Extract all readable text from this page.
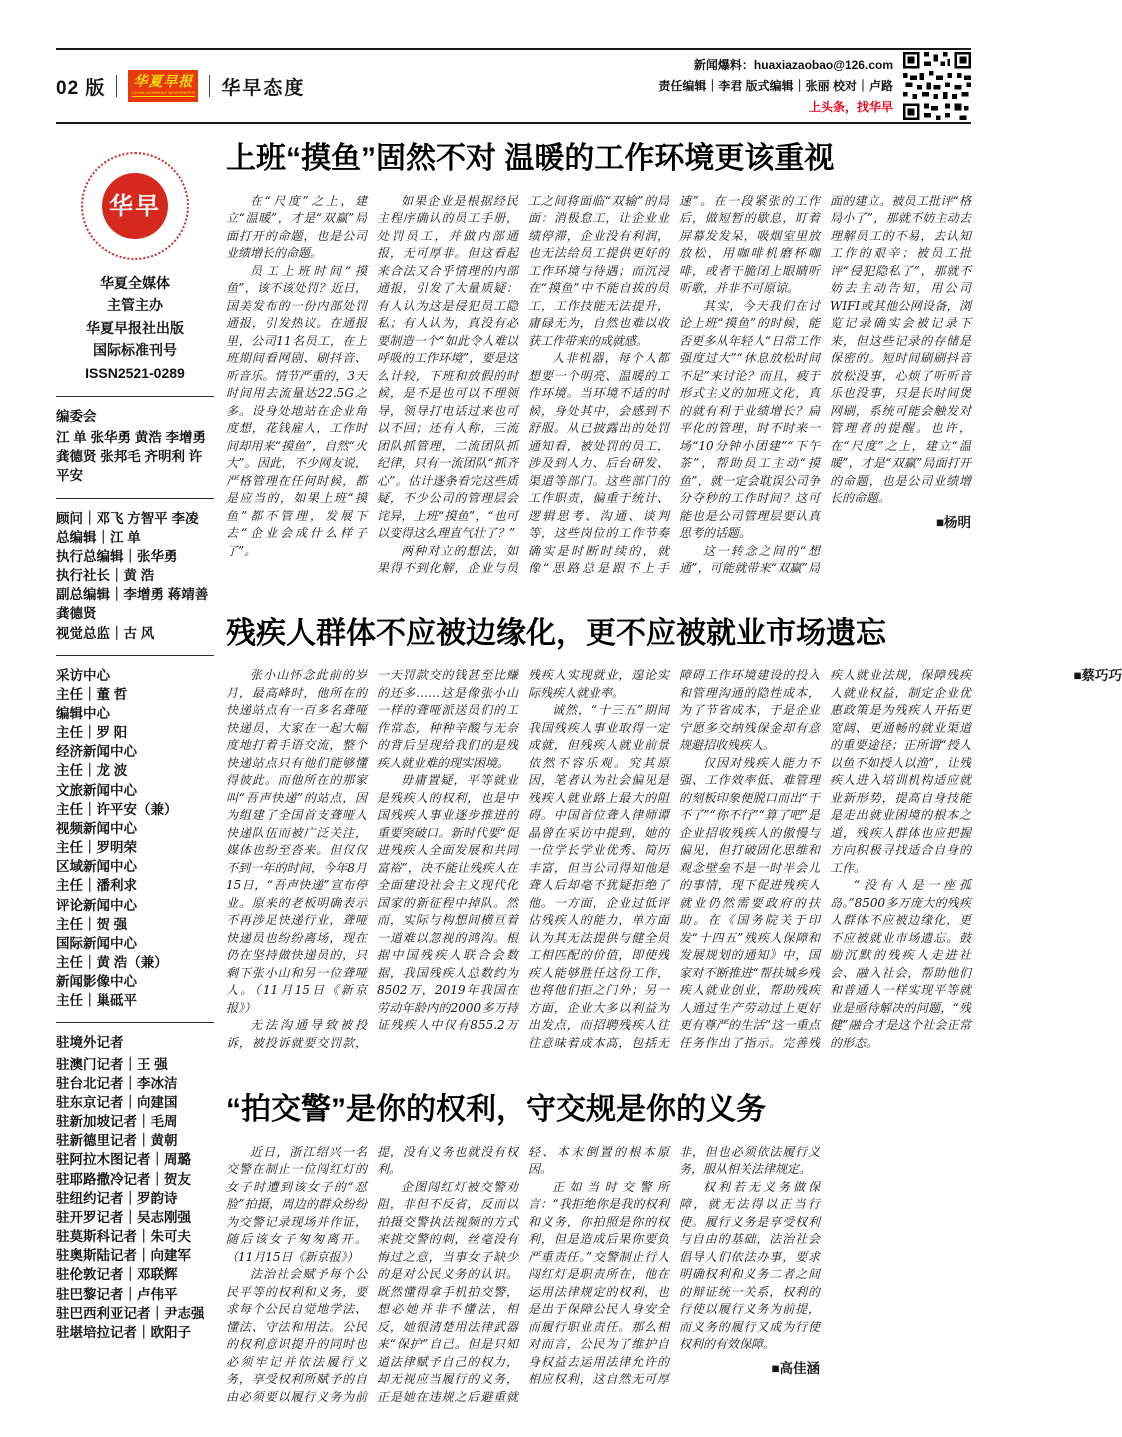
02 版 华夏早报
CHINA MORNING NEWSPAPER 华早态度
新闻爆料：huaxiazaobao@126.com
责任编辑｜李君 版式编辑｜张丽 校对｜卢路
上头条，找华早
华早
华夏全媒体
主管主办
华夏早报社出版
国际标准刊号
ISSN2521-0289
编委会

江 单 张华勇 黄浩 李增勇 龚德贤 张邦毛 齐明利 许平安

顾问｜邓飞 方智平 李凌
总编辑｜江 单
执行总编辑｜张华勇
执行社长｜黄 浩
副总编辑｜李增勇 蒋靖善 龚德贤
视觉总监｜古 风
采访中心
主任｜董 哲
编辑中心
主任｜罗 阳
经济新闻中心
主任｜龙 波
文旅新闻中心
主任｜许平安（兼）
视频新闻中心
主任｜罗明荣
区域新闻中心
主任｜潘利求
评论新闻中心
主任｜贺 强
国际新闻中心
主任｜黄 浩（兼）
新闻影像中心
主任｜巢砥平
驻境外记者
驻澳门记者｜王 强
驻台北记者｜李冰洁
驻东京记者｜向建国
驻新加坡记者｜毛周
驻新德里记者｜黄朝
驻阿拉木图记者｜周璐
驻耶路撒冷记者｜贺友
驻纽约记者｜罗韵诗
驻开罗记者｜吴志刚强
驻莫斯科记者｜朱可夫
驻奥斯陆记者｜向建军
驻伦敦记者｜邓联辉
驻巴黎记者｜卢伟平
驻巴西利亚记者｜尹志强
驻堪培拉记者｜欧阳子
上班“摸鱼”固然不对 温暖的工作环境更该重视

在“尺度”之上，建立“温暖”，才是“双赢”局面打开的命题，也是公司业绩增长的命题。

员工上班时间“摸鱼”，该不该处罚？近日，国美发布的一份内部处罚通报，引发热议。在通报里，公司11名员工，在上班期间看网剧、刷抖音、听音乐。情节严重的，3天时间用去流量达22.5G之多。设身处地站在企业角度想，花钱雇人，工作时间却用来“摸鱼”，自然“火大”。因此，不少网友说，严格管理在任何时候，都是应当的，如果上班“摸鱼”都不管理，发展下去“企业会成什么样子了”。

如果企业是根据经民主程序确认的员工手册，处罚员工，并做内部通报，无可厚非。但这看起来合法又合乎情理的内部通报，引发了大量质疑：有人认为这是侵犯员工隐私；有人认为，真没有必要制造一个“如此令人难以呼吸的工作环境”，要是这么计较，下班和放假的时候，是不是也可以不理领导，领导打电话过来也可以不回；还有人称，三流团队抓管理，二流团队抓纪律，只有一流团队“抓齐心”。估计逐条看完这些质疑，不少公司的管理层会诧异，上班“摸鱼”，“也可以变得这么理直气壮了？”

两种对立的想法，如果得不到化解，企业与员工之间将面临“双输”的局面：消极怠工，让企业业绩停滞，企业没有利润，也无法给员工提供更好的工作环境与待遇；而沉浸在“摸鱼”中不能自拔的员工，工作技能无法提升，庸碌无为，自然也难以收获工作带来的成就感。

人非机器，每个人都想要一个明亮、温暖的工作环境。当环境不适的时候，身处其中，会感到不舒服。从已披露出的处罚通知看，被处罚的员工，涉及到人力、后台研发、渠道等部门。这些部门的工作职责，偏重于统计、逻辑思考、沟通、谈判等，这些岗位的工作节奏确实是时断时续的，就像“思路总是跟不上手速”。在一段紧张的工作后，做短暂的歇息，盯着屏幕发发呆，吸烟室里放放松，用咖啡机磨杯咖啡，或者干脆闭上眼睛听听歌，并非不可原谅。

其实，今天我们在讨论上班“摸鱼”的时候，能否更多从年轻人“日常工作强度过大”“休息放松时间不足”来讨论？而且，疲于形式主义的加班文化，真的就有利于业绩增长？扁平化的管理，时不时来一场“10分钟小团建”“下午茶”，帮助员工主动“摸鱼”，就一定会耽误公司争分夺秒的工作时间？这可能也是公司管理层要认真思考的话题。

这一转念之间的“想通”，可能就带来“双赢”局面的建立。被员工批评“格局小了”，那就不妨主动去理解员工的不易，去认知工作的艰辛；被员工批评“侵犯隐私了”，那就不妨去主动告知，用公司WIFI或其他公网设备，浏览记录确实会被记录下来，但这些记录的存储是保密的。短时间刷刷抖音放松没事，心烦了听听音乐也没事，只是长时间煲网刷，系统可能会触发对管理者的提醒。也许，在“尺度”之上，建立“温暖”，才是“双赢”局面打开的命题，也是公司业绩增长的命题。

■杨明
残疾人群体不应被边缘化，更不应被就业市场遗忘

张小山怀念此前的岁月，最高峰时，他所在的快递站点有一百多名聋哑快递员，大家在一起大幅度地打着手语交流，整个快递站点只有他们能够懂得彼此。而他所在的那家叫“吾声快递”的站点，因为组建了全国首支聋哑人快递队伍而被广泛关注，媒体也纷至沓来。但仅仅不到一年的时间，今年8月15日，“吾声快递”宣布停业。原来的老板明确表示不再涉足快递行业，聋哑快递员也纷纷离场，现在仍在坚持做快递员的，只剩下张小山和另一位聋哑人。（11月15日《新京报》）

无法沟通导致被投诉，被投诉就要交罚款，一天罚款交的钱甚至比赚的还多……这是像张小山一样的聋哑派送员们的工作常态，种种辛酸与无奈的背后呈现给我们的是残疾人就业难的现实困境。

毋庸置疑，平等就业是残疾人的权利，也是中国残疾人事业逐步推进的重要突破口。新时代要“促进残疾人全面发展和共同富裕”，决不能让残疾人在全面建设社会主义现代化国家的新征程中掉队。然而，实际与构想间横亘着一道难以忽视的鸿沟。根据中国残疾人联合会数据，我国残疾人总数约为8502万，2019年我国在劳动年龄内的2000多万持证残疾人中仅有855.2万残疾人实现就业，遑论实际残疾人就业率。

诚然，“十三五”期间我国残疾人事业取得一定成就，但残疾人就业前景依然不容乐观。究其原因，笔者认为社会偏见是残疾人就业路上最大的阻碍。中国首位聋人律师谭晶曾在采访中提到，她的一位学长学业优秀、简历丰富，但当公司得知他是聋人后却毫不犹疑拒绝了他。一方面，企业过低评估残疾人的能力，单方面认为其无法提供与健全员工相匹配的价值，即使残疾人能够胜任这份工作，也将他们拒之门外；另一方面，企业大多以利益为出发点，而招聘残疾人往往意味着成本高，包括无障碍工作环境建设的投入和管理沟通的隐性成本，为了节省成本，于是企业宁愿多交纳残保金却有意规避招收残疾人。

仅因对残疾人能力不强、工作效率低、难管理的刻板印象便脱口而出“干不了”“你不行”“算了吧”是企业招收残疾人的傲慢与偏见，但打破固化思维和观念壁垒不是一时半会儿的事情，现下促进残疾人就业仍然需要政府的扶助。在《国务院关于印发“十四五”残疾人保障和发展规划的通知》中，国家对不断推进“帮扶城乡残疾人就业创业，帮助残疾人通过生产劳动过上更好更有尊严的生活”这一重点任务作出了指示。完善残疾人就业法规，保障残疾人就业权益，制定企业优惠政策是为残疾人开拓更宽阔、更通畅的就业渠道的重要途径；正所谓“授人以鱼不如授人以渔”，让残疾人进入培训机构适应就业新形势，提高自身技能是走出就业困境的根本之道，残疾人群体也应把握方向积极寻找适合自身的工作。

“没有人是一座孤岛。”8500多万庞大的残疾人群体不应被边缘化，更不应被就业市场遗忘。鼓励沉默的残疾人走进社会、融入社会，帮助他们和普通人一样实现平等就业是亟待解决的问题，“残健”融合才是这个社会正常的形态。

■蔡巧巧
“拍交警”是你的权利，守交规是你的义务

近日，浙江绍兴一名交警在制止一位闯红灯的女子时遭到该女子的“怼脸”拍摄，周边的群众纷纷为交警记录现场并作证，随后该女子匆匆离开。（11月15日《新京报》）

法治社会赋予每个公民平等的权利和义务，要求每个公民自觉地学法、懂法、守法和用法。公民的权利意识提升的同时也必须牢记并依法履行义务，享受权利所赋予的自由必须要以履行义务为前提，没有义务也就没有权利。

企图闯红灯被交警劝阻，非但不反省，反而以拍摄交警执法视频的方式来挑交警的刺，丝毫没有悔过之意，当事女子缺少的是对公民义务的认识。既然懂得拿手机拍交警，想必她并非不懂法，相反，她很清楚用法律武器来“保护”自己。但是只知道法律赋予自己的权力，却无视应当履行的义务，正是她在违规之后避重就轻、本末倒置的根本原因。

正如当时交警所言：“我拒绝你是我的权利和义务，你拍照是你的权利，但是造成后果你要负严重责任。”交警制止行人闯红灯是职责所在，他在运用法律规定的权利，也是出于保障公民人身安全而履行职业责任。那么相对而言，公民为了维护自身权益去运用法律允许的相应权利，这自然无可厚非，但也必须依法履行义务，服从相关法律规定。

权利若无义务做保障，就无法得以正当行使。履行义务是享受权利与自由的基础，法治社会倡导人们依法办事，要求明确权利和义务二者之间的辩证统一关系，权利的行使以履行义务为前提，而义务的履行又成为行使权利的有效保障。

■高佳涵
